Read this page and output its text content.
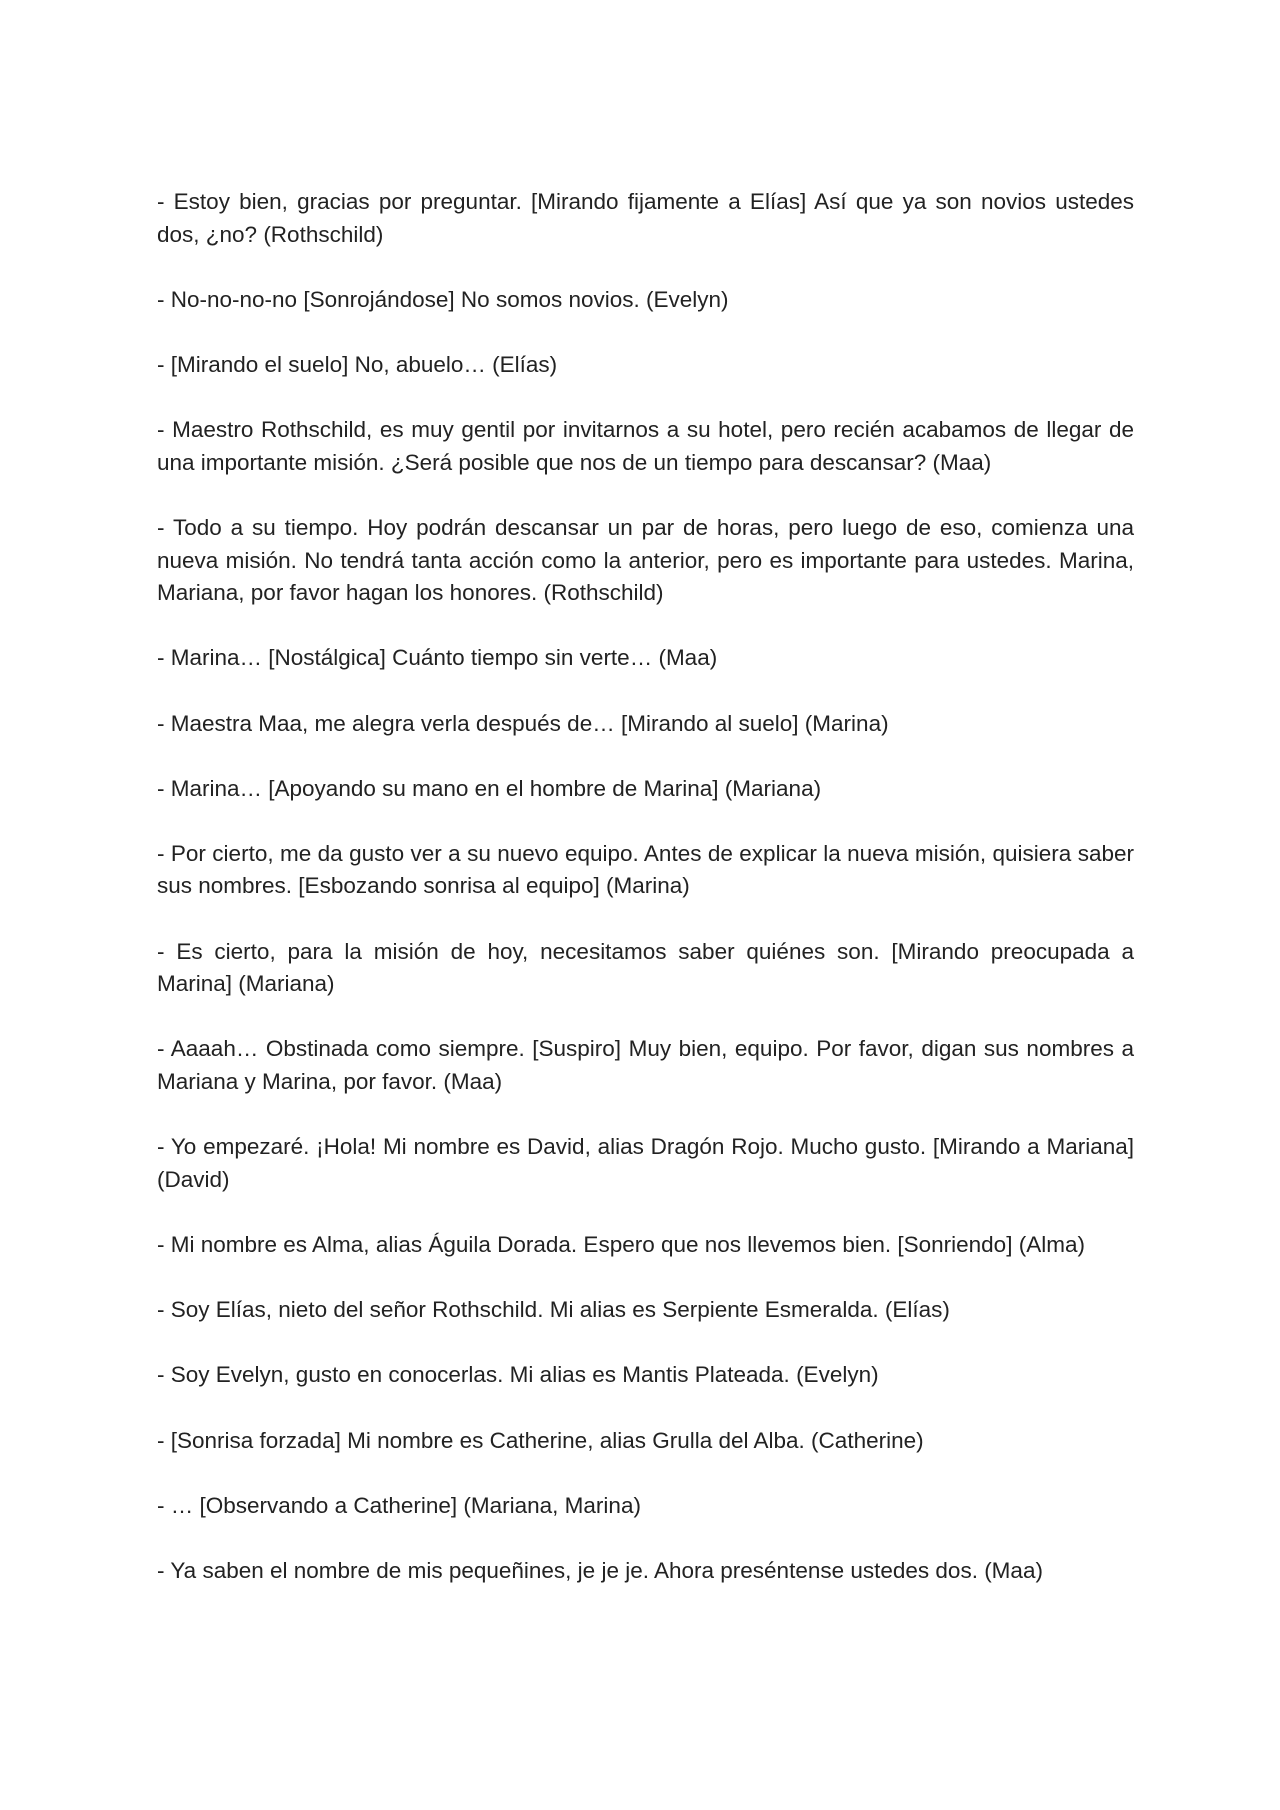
- Estoy bien, gracias por preguntar. [Mirando fijamente a Elías] Así que ya son novios ustedes dos, ¿no? (Rothschild)

- No-no-no-no [Sonrojándose] No somos novios. (Evelyn)

- [Mirando el suelo] No, abuelo… (Elías)

- Maestro Rothschild, es muy gentil por invitarnos a su hotel, pero recién acabamos de llegar de una importante misión. ¿Será posible que nos de un tiempo para descansar? (Maa)

- Todo a su tiempo. Hoy podrán descansar un par de horas, pero luego de eso, comienza una nueva misión. No tendrá tanta acción como la anterior, pero es importante para ustedes. Marina, Mariana, por favor hagan los honores. (Rothschild)

- Marina… [Nostálgica] Cuánto tiempo sin verte… (Maa)

- Maestra Maa, me alegra verla después de… [Mirando al suelo] (Marina)

- Marina… [Apoyando su mano en el hombre de Marina] (Mariana)

- Por cierto, me da gusto ver a su nuevo equipo. Antes de explicar la nueva misión, quisiera saber sus nombres. [Esbozando sonrisa al equipo] (Marina)

- Es cierto, para la misión de hoy, necesitamos saber quiénes son. [Mirando preocupada a Marina] (Mariana)

- Aaaah… Obstinada como siempre. [Suspiro] Muy bien, equipo. Por favor, digan sus nombres a Mariana y Marina, por favor. (Maa)

- Yo empezaré. ¡Hola! Mi nombre es David, alias Dragón Rojo. Mucho gusto. [Mirando a Mariana] (David)

- Mi nombre es Alma, alias Águila Dorada. Espero que nos llevemos bien. [Sonriendo] (Alma)

- Soy Elías, nieto del señor Rothschild. Mi alias es Serpiente Esmeralda. (Elías)

- Soy Evelyn, gusto en conocerlas. Mi alias es Mantis Plateada. (Evelyn)

- [Sonrisa forzada] Mi nombre es Catherine, alias Grulla del Alba. (Catherine)

- … [Observando a Catherine] (Mariana, Marina)

- Ya saben el nombre de mis pequeñines, je je je. Ahora preséntense ustedes dos. (Maa)
